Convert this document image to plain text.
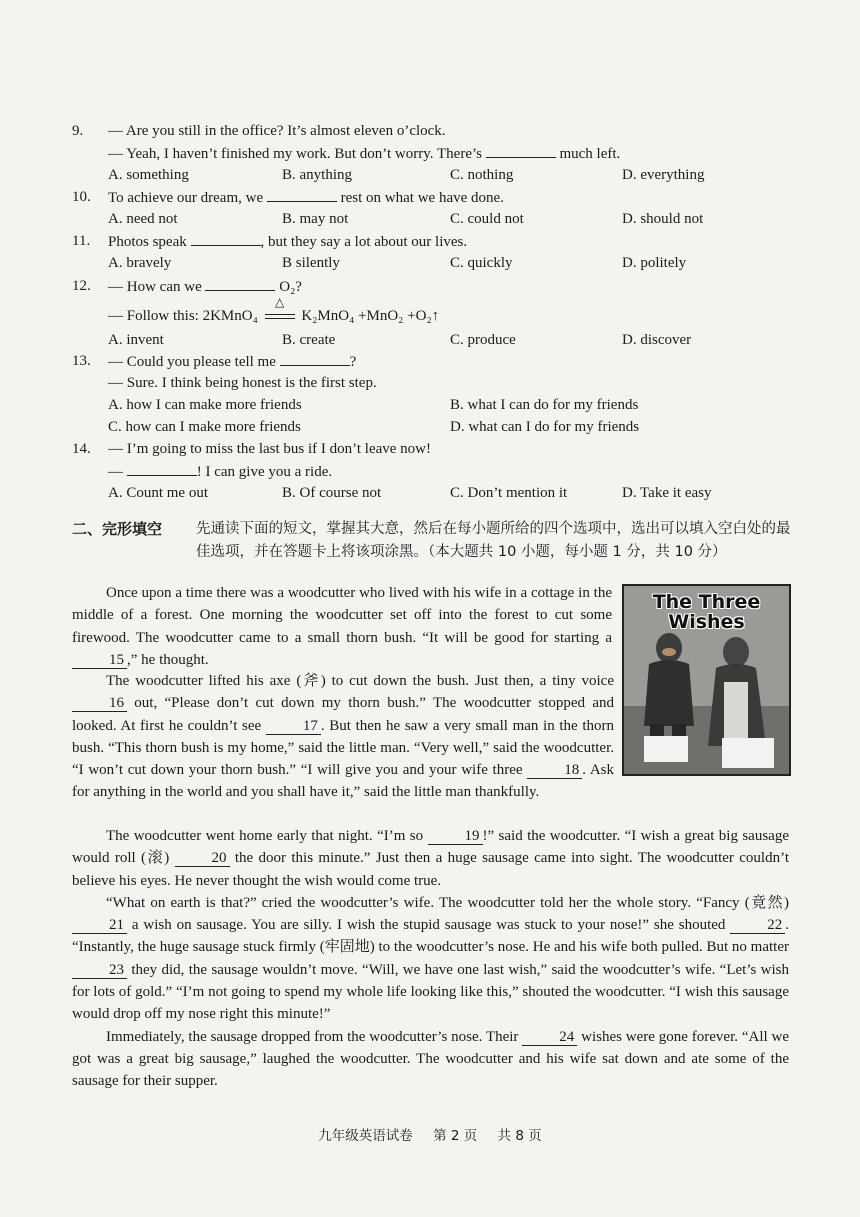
9.	— Are you still in the office? It’s almost eleven o’clock.
— Yeah, I haven’t finished my work. But don’t worry. There’s	much left.
A. something	B. anything	C. nothing	D. everything
10.	To achieve our dream, we	rest on what we have done.
A. need not	B. may not	C. could not	D. should not
11.	Photos speak	, but they say a lot about our lives.
A. bravely	B silently	C. quickly	D. politely
12.	— How can we	O₂?
— Follow this: 2KMnO₄
△
K₂MnO₄ +MnO₂ +O₂↑
A. invent	B. create	C. produce	D. discover
13.	— Could you please tell me	?
— Sure. I think being honest is the first step.
A. how I can make more friends	B. what I can do for my friends
C. how can I make more friends	D. what can I do for my friends
14.	— I’m going to miss the last bus if I don’t leave now!
—	! I can give you a ride.
A. Count me out	B. Of course not	C. Don’t mention it	D. Take it easy
二、完形填空 先通读下面的短文，掌握其大意，然后在每小题所给的四个选项中，选出可以填入空白处的最佳选项，并在答题卡上将该项涂黑。（本大题共 10 小题，每小题 1 分，共 10 分）
The Three
Wishes

Once upon a time there was a woodcutter who lived with his wife in a cottage in the middle of a forest. One morning the woodcutter set off into the forest to cut some firewood. The woodcutter came to a small thorn bush. “It will be good for starting a 15 ,” he thought.

The woodcutter lifted his axe (斧) to cut down the bush. Just then, a tiny voice 16 out, “Please don’t cut down my thorn bush.” The woodcutter stopped and looked. At first he couldn’t see 17 . But then he saw a very small man in the thorn bush. “This thorn bush is my home,” said the little man. “Very well,” said the woodcutter. “I won’t cut down your thorn bush.” “I will give you and your wife three 18 . Ask for anything in the world and you shall have it,” said the little man thankfully.

The woodcutter went home early that night. “I’m so 19 !” said the woodcutter. “I wish a great big sausage would roll (滚) 20 the door this minute.” Just then a huge sausage came into sight. The woodcutter couldn’t believe his eyes. He never thought the wish would come true.

“What on earth is that?” cried the woodcutter’s wife. The woodcutter told her the whole story. “Fancy (竟然) 21 a wish on sausage. You are silly. I wish the stupid sausage was stuck to your nose!” she shouted 22 . “Instantly, the huge sausage stuck firmly (牢固地) to the woodcutter’s nose. He and his wife both pulled. But no matter 23 they did, the sausage wouldn’t move. “Will, we have one last wish,” said the woodcutter’s wife. “Let’s wish for lots of gold.” “I’m not going to spend my whole life looking like this,” shouted the woodcutter. “I wish this sausage would drop off my nose right this minute!”

Immediately, the sausage dropped from the woodcutter’s nose. Their 24 wishes were gone forever. “All we got was a great big sausage,” laughed the woodcutter. The woodcutter and his wife sat down and ate some of the sausage for their supper.

九年级英语试卷 第 2 页 共 8 页
